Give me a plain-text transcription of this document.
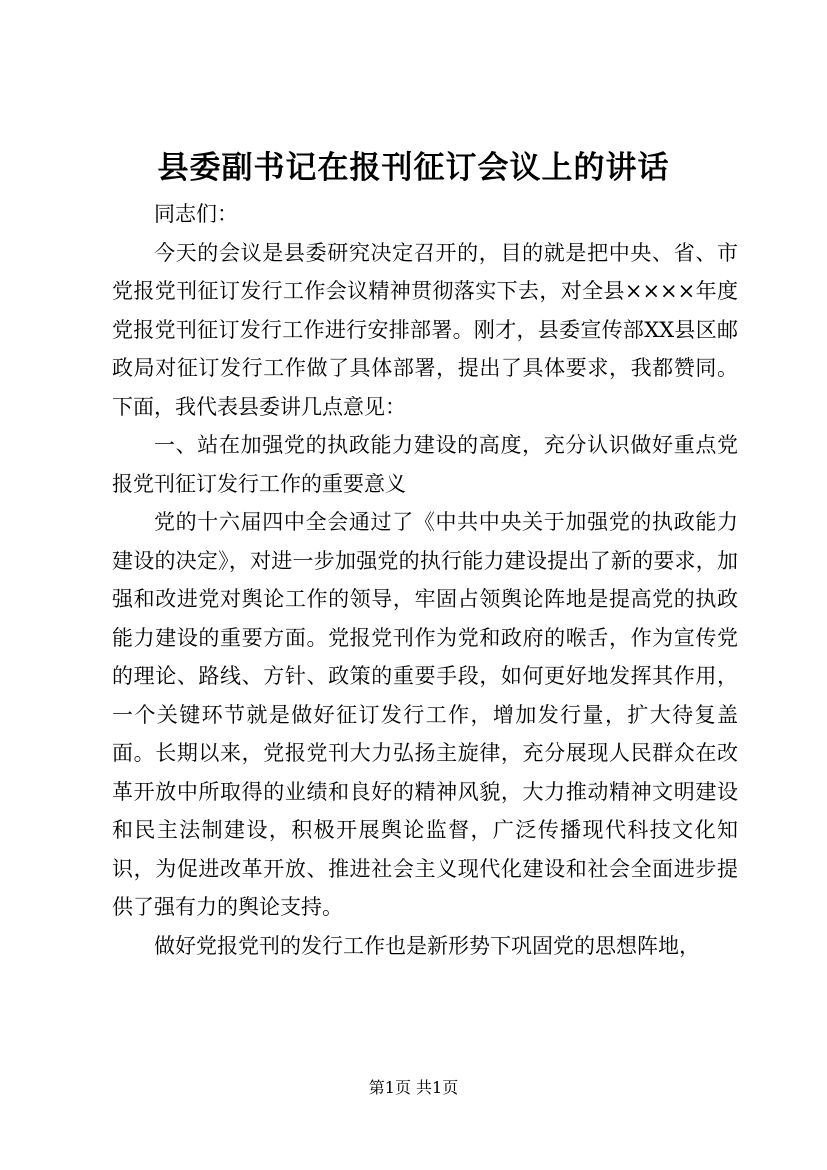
县委副书记在报刊征订会议上的讲话

同志们：

今天的会议是县委研究决定召开的，目的就是把中央、省、市党报党刊征订发行工作会议精神贯彻落实下去，对全县××××年度党报党刊征订发行工作进行安排部署。刚才，县委宣传部XX县区邮政局对征订发行工作做了具体部署，提出了具体要求，我都赞同。下面，我代表县委讲几点意见：

一、站在加强党的执政能力建设的高度，充分认识做好重点党报党刊征订发行工作的重要意义

党的十六届四中全会通过了《中共中央关于加强党的执政能力建设的决定》，对进一步加强党的执行能力建设提出了新的要求，加强和改进党对舆论工作的领导，牢固占领舆论阵地是提高党的执政能力建设的重要方面。党报党刊作为党和政府的喉舌，作为宣传党的理论、路线、方针、政策的重要手段，如何更好地发挥其作用，一个关键环节就是做好征订发行工作，增加发行量，扩大待复盖面。长期以来，党报党刊大力弘扬主旋律，充分展现人民群众在改革开放中所取得的业绩和良好的精神风貌，大力推动精神文明建设和民主法制建设，积极开展舆论监督，广泛传播现代科技文化知识，为促进改革开放、推进社会主义现代化建设和社会全面进步提供了强有力的舆论支持。

做好党报党刊的发行工作也是新形势下巩固党的思想阵地，

第1页 共1页
